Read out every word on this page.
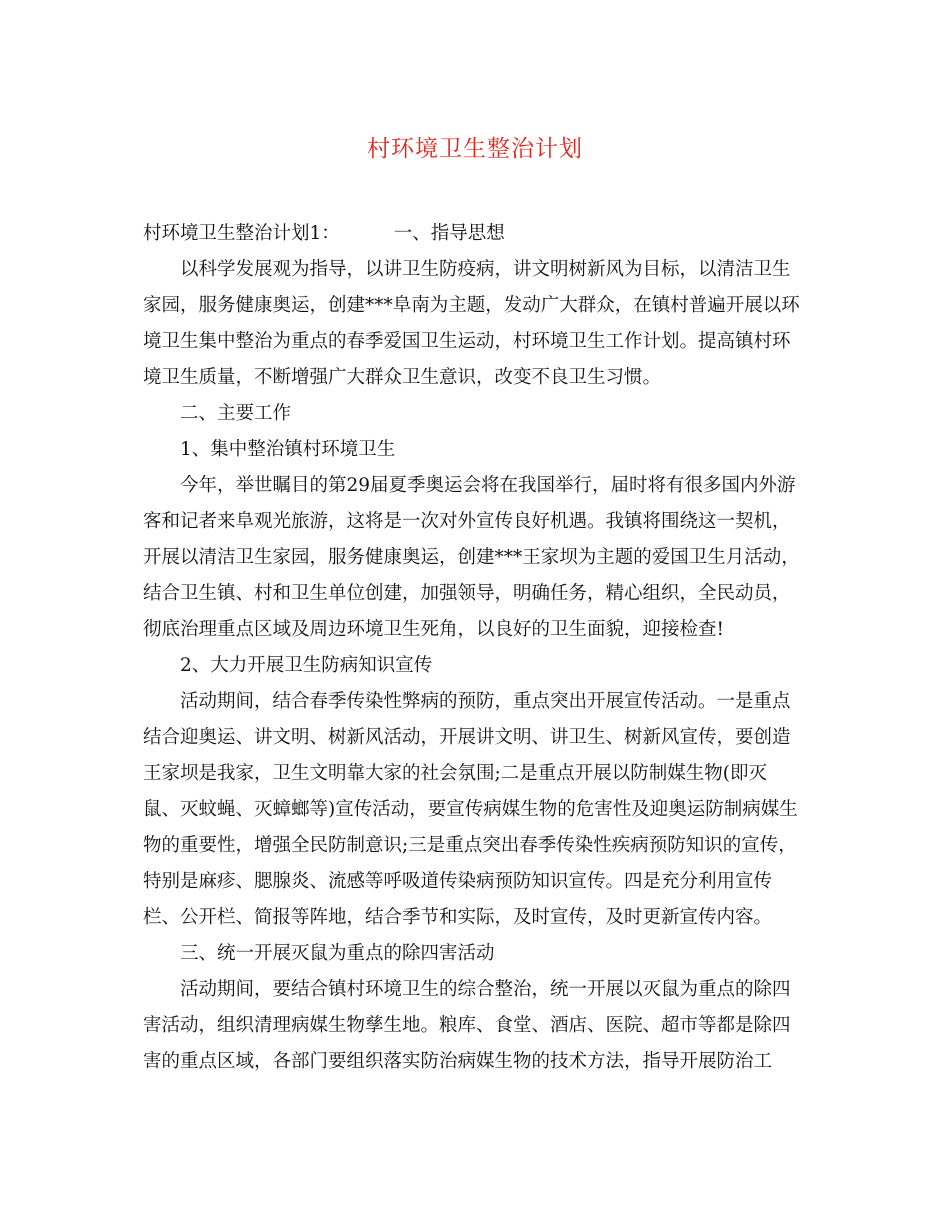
村环境卫生整治计划

村环境卫生整治计划1：	一、指导思想

以科学发展观为指导，以讲卫生防疫病，讲文明树新风为目标，以清洁卫生

家园，服务健康奥运，创建***阜南为主题，发动广大群众，在镇村普遍开展以环

境卫生集中整治为重点的春季爱国卫生运动，村环境卫生工作计划。提高镇村环

境卫生质量，不断增强广大群众卫生意识，改变不良卫生习惯。

二、主要工作

1、集中整治镇村环境卫生

今年，举世瞩目的第29届夏季奥运会将在我国举行，届时将有很多国内外游

客和记者来阜观光旅游，这将是一次对外宣传良好机遇。我镇将围绕这一契机，

开展以清洁卫生家园，服务健康奥运，创建***王家坝为主题的爱国卫生月活动，

结合卫生镇、村和卫生单位创建，加强领导，明确任务，精心组织，全民动员，

彻底治理重点区域及周边环境卫生死角，以良好的卫生面貌，迎接检查!

2、大力开展卫生防病知识宣传

活动期间，结合春季传染性弊病的预防，重点突出开展宣传活动。一是重点

结合迎奥运、讲文明、树新风活动，开展讲文明、讲卫生、树新风宣传，要创造

王家坝是我家，卫生文明靠大家的社会氛围;二是重点开展以防制媒生物(即灭

鼠、灭蚊蝇、灭蟑螂等)宣传活动，要宣传病媒生物的危害性及迎奥运防制病媒生

物的重要性，增强全民防制意识;三是重点突出春季传染性疾病预防知识的宣传，

特别是麻疹、腮腺炎、流感等呼吸道传染病预防知识宣传。四是充分利用宣传

栏、公开栏、简报等阵地，结合季节和实际，及时宣传，及时更新宣传内容。

三、统一开展灭鼠为重点的除四害活动

活动期间，要结合镇村环境卫生的综合整治，统一开展以灭鼠为重点的除四

害活动，组织清理病媒生物孳生地。粮库、食堂、酒店、医院、超市等都是除四

害的重点区域，各部门要组织落实防治病媒生物的技术方法，指导开展防治工
